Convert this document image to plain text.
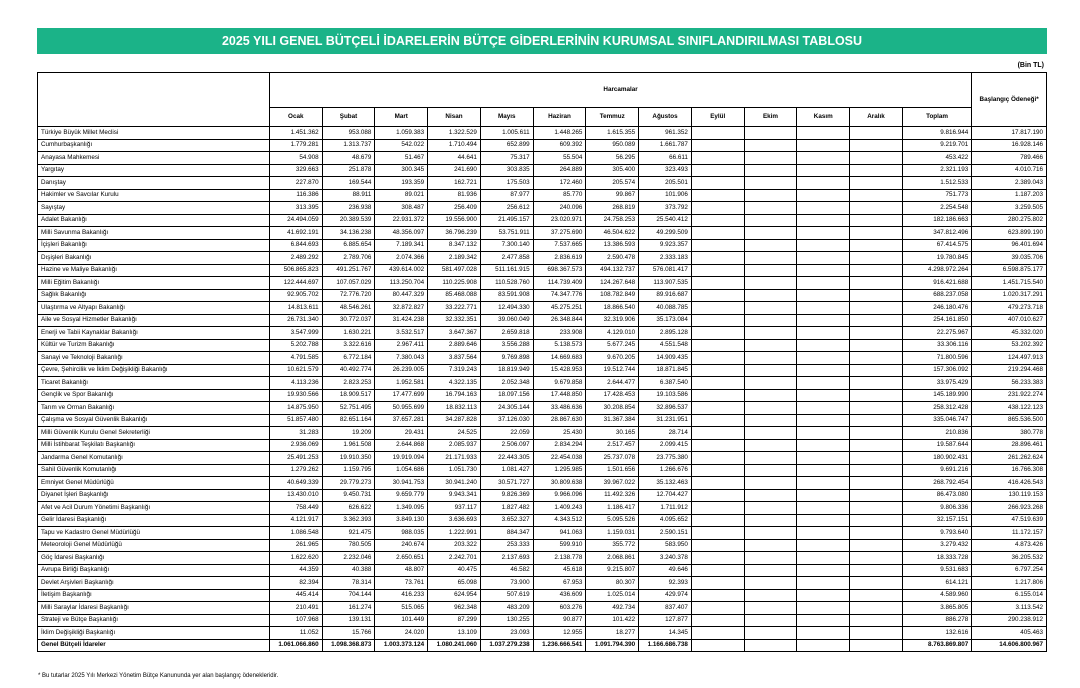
2025 YILI GENEL BÜTÇELİ İDARELERİN BÜTÇE GİDERLERİNİN KURUMSAL SINIFLANDIRILMASI TABLOSU
(Bin TL)
	Harcamalar													Başlangıç Ödeneği*
	Ocak	Şubat	Mart	Nisan	Mayıs	Haziran	Temmuz	Ağustos	Eylül	Ekim	Kasım	Aralık	Toplam	
Türkiye Büyük Millet Meclisi	1.451.362	953.088	1.059.383	1.322.529	1.005.611	1.448.265	1.615.355	961.352					9.816.944	17.817.190
Cumhurbaşkanlığı	1.779.281	1.313.737	542.022	1.710.494	652.899	609.392	950.089	1.661.787					9.219.701	16.928.146
Anayasa Mahkemesi	54.908	48.679	51.467	44.641	75.317	55.504	56.295	66.611					453.422	789.466
Yargıtay	329.663	251.878	300.345	241.690	303.835	264.889	305.400	323.493					2.321.193	4.010.716
Danıştay	227.870	169.544	193.359	162.721	175.503	172.460	205.574	205.501					1.512.533	2.389.043
Hakimler ve Savcılar Kurulu	116.386	88.911	89.021	81.936	87.977	85.770	99.867	101.906					751.773	1.187.203
Sayıştay	313.395	236.938	308.487	256.409	256.612	240.096	268.819	373.792					2.254.548	3.259.505
Adalet Bakanlığı	24.494.059	20.389.539	22.931.372	19.556.900	21.495.157	23.020.971	24.758.253	25.540.412					182.186.663	280.275.802
Milli Savunma Bakanlığı	41.692.191	34.136.238	48.356.097	36.796.239	53.751.911	37.275.690	46.504.622	49.299.509					347.812.496	623.899.190
İçişleri Bakanlığı	6.844.693	6.885.654	7.189.341	8.347.132	7.300.140	7.537.665	13.386.593	9.923.357					67.414.575	96.401.694
Dışişleri Bakanlığı	2.489.292	2.789.706	2.074.366	2.189.342	2.477.858	2.836.619	2.590.478	2.333.183					19.780.845	39.035.706
Hazine ve Maliye Bakanlığı	506.865.823	491.251.767	439.614.002	581.497.028	511.161.915	698.367.573	494.132.737	576.081.417					4.298.972.264	6.598.875.177
Milli Eğitim Bakanlığı	122.444.697	107.057.029	113.250.704	110.225.908	110.528.760	114.739.409	124.267.648	113.907.535					916.421.688	1.451.715.540
Sağlık Bakanlığı	92.905.702	72.776.720	80.447.329	85.468.088	83.591.908	74.347.776	108.782.849	89.916.687					688.237.058	1.020.317.291
Ulaştırma ve Altyapı Bakanlığı	14.813.611	48.546.261	32.872.827	33.222.771	12.494.330	45.275.251	18.866.540	40.088.785					246.180.476	479.273.718
Aile ve Sosyal Hizmetler Bakanlığı	26.731.340	30.772.037	31.424.238	32.332.351	39.060.049	26.348.844	32.319.906	35.173.084					254.161.850	407.010.627
Enerji ve Tabii Kaynaklar Bakanlığı	3.547.999	1.630.221	3.532.517	3.647.367	2.659.818	233.908	4.129.010	2.895.128					22.275.967	45.332.020
Kültür ve Turizm Bakanlığı	5.202.788	3.322.616	2.967.411	2.889.646	3.556.288	5.138.573	5.677.245	4.551.548					33.306.116	53.202.392
Sanayi ve Teknoloji Bakanlığı	4.791.585	6.772.184	7.380.043	3.837.564	9.769.898	14.669.683	9.670.205	14.909.435					71.800.596	124.497.913
Çevre, Şehircilik ve İklim Değişikliği Bakanlığı	10.621.579	40.492.774	26.239.005	7.319.243	18.819.949	15.428.953	19.512.744	18.871.845					157.306.092	219.294.468
Ticaret Bakanlığı	4.113.236	2.823.253	1.952.581	4.322.135	2.052.348	9.679.858	2.644.477	6.387.540					33.975.429	56.233.383
Gençlik ve Spor Bakanlığı	19.930.566	18.909.517	17.477.699	16.794.163	18.097.156	17.448.850	17.428.453	19.103.586					145.189.990	231.922.274
Tarım ve Orman Bakanlığı	14.875.950	52.751.495	50.955.699	18.832.113	24.305.144	33.486.636	30.208.854	32.896.537					258.312.428	438.122.123
Çalışma ve Sosyal Güvenlik Bakanlığı	51.857.480	82.651.164	37.657.281	34.287.828	37.126.030	28.867.630	31.367.384	31.231.951					335.046.747	865.536.500
Milli Güvenlik Kurulu Genel Sekreterliği	31.283	19.209	29.431	24.525	22.059	25.430	30.165	28.714					210.836	380.778
Milli İstihbarat Teşkilatı Başkanlığı	2.936.069	1.961.508	2.644.868	2.085.937	2.506.097	2.834.294	2.517.457	2.099.415					19.587.644	28.896.461
Jandarma Genel Komutanlığı	25.491.253	19.910.350	19.919.094	21.171.933	22.443.305	22.454.038	25.737.078	23.775.380					180.902.431	261.262.624
Sahil Güvenlik Komutanlığı	1.279.262	1.159.795	1.054.686	1.051.730	1.081.427	1.295.985	1.501.656	1.266.676					9.691.216	16.766.308
Emniyet Genel Müdürlüğü	40.649.339	29.779.273	30.941.753	30.941.240	30.571.727	30.809.638	39.967.022	35.132.463					268.792.454	416.426.543
Diyanet İşleri Başkanlığı	13.430.010	9.450.731	9.659.779	9.943.341	9.826.369	9.966.096	11.492.326	12.704.427					86.473.080	130.119.153
Afet ve Acil Durum Yönetimi Başkanlığı	758.449	626.622	1.349.095	937.117	1.827.482	1.409.243	1.186.417	1.711.912					9.806.336	266.923.268
Gelir İdaresi Başkanlığı	4.121.917	3.362.393	3.849.130	3.636.693	3.652.327	4.343.512	5.095.526	4.095.652					32.157.151	47.519.639
Tapu ve Kadastro Genel Müdürlüğü	1.086.548	921.475	988.035	1.222.991	884.347	941.063	1.159.031	2.590.151					9.793.640	11.172.157
Meteoroloji Genel Müdürlüğü	261.965	780.505	240.674	203.322	253.333	599.910	355.772	583.950					3.279.432	4.873.426
Göç İdaresi Başkanlığı	1.622.620	2.232.046	2.650.651	2.242.701	2.137.693	2.138.778	2.068.861	3.240.378					18.333.728	36.205.532
Avrupa Birliği Başkanlığı	44.359	40.388	48.807	40.475	46.582	45.618	9.215.807	49.646					9.531.683	6.797.254
Devlet Arşivleri Başkanlığı	82.394	78.314	73.761	65.098	73.900	67.953	80.307	92.393					614.121	1.217.806
İletişim Başkanlığı	445.414	704.144	416.233	624.954	507.619	436.609	1.025.014	429.974					4.589.960	6.155.014
Milli Saraylar İdaresi Başkanlığı	210.491	161.274	515.065	962.348	483.209	603.276	492.734	837.407					3.865.805	3.113.542
Strateji ve Bütçe Başkanlığı	107.968	139.131	101.449	87.299	130.255	90.877	101.422	127.877					886.278	290.238.912
İklim Değişikliği Başkanlığı	11.052	15.766	24.020	13.109	23.093	12.955	18.277	14.345					132.616	405.463
Genel Bütçeli İdareler	1.061.066.860	1.098.368.873	1.003.373.124	1.080.241.060	1.037.279.238	1.236.666.541	1.091.794.390	1.166.686.738					8.763.869.807	14.606.800.967
* Bu tutarlar 2025 Yılı Merkezi Yönetim Bütçe Kanununda yer alan başlangıç ödenekleridir.
